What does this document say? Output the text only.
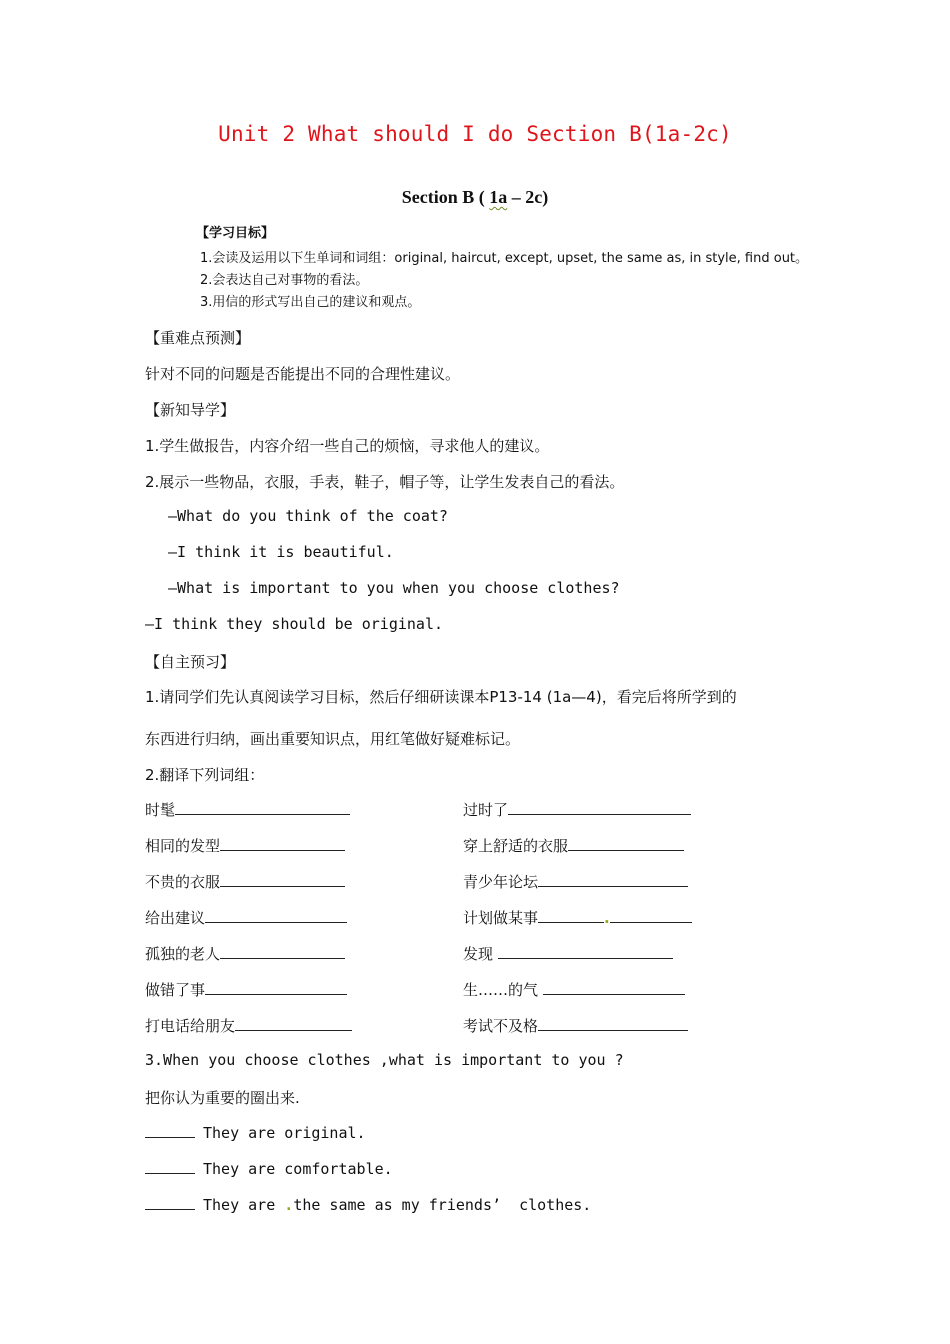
Unit 2 What should I do Section B(1a-2c)
Section B ( 1a – 2c)
【学习目标】
1.会读及运用以下生单词和词组：original, haircut, except, upset, the same as, in style, find out。
2.会表达自己对事物的看法。
3.用信的形式写出自己的建议和观点。
【重难点预测】
针对不同的问题是否能提出不同的合理性建议。
【新知导学】
1.学生做报告，内容介绍一些自己的烦恼，寻求他人的建议。
2.展示一些物品，衣服，手表，鞋子，帽子等，让学生发表自己的看法。
—What do you think of the coat?
—I think it is beautiful.
—What is important to you when you choose clothes?
—I think they should be original.
【自主预习】
1.请同学们先认真阅读学习目标，然后仔细研读课本P13-14 (1a—4)，看完后将所学到的
东西进行归纳，画出重要知识点，用红笔做好疑难标记。
2.翻译下列词组：
时髦
相同的发型
不贵的衣服
给出建议
孤独的老人
做错了事
打电话给朋友
过时了
穿上舒适的衣服
青少年论坛
计划做某事	.
发现
生……的气
考试不及格
3.When you choose clothes ,what is important to you ?
把你认为重要的圈出来.
They are original.
They are comfortable.
They are .the same as my friends’  clothes.
